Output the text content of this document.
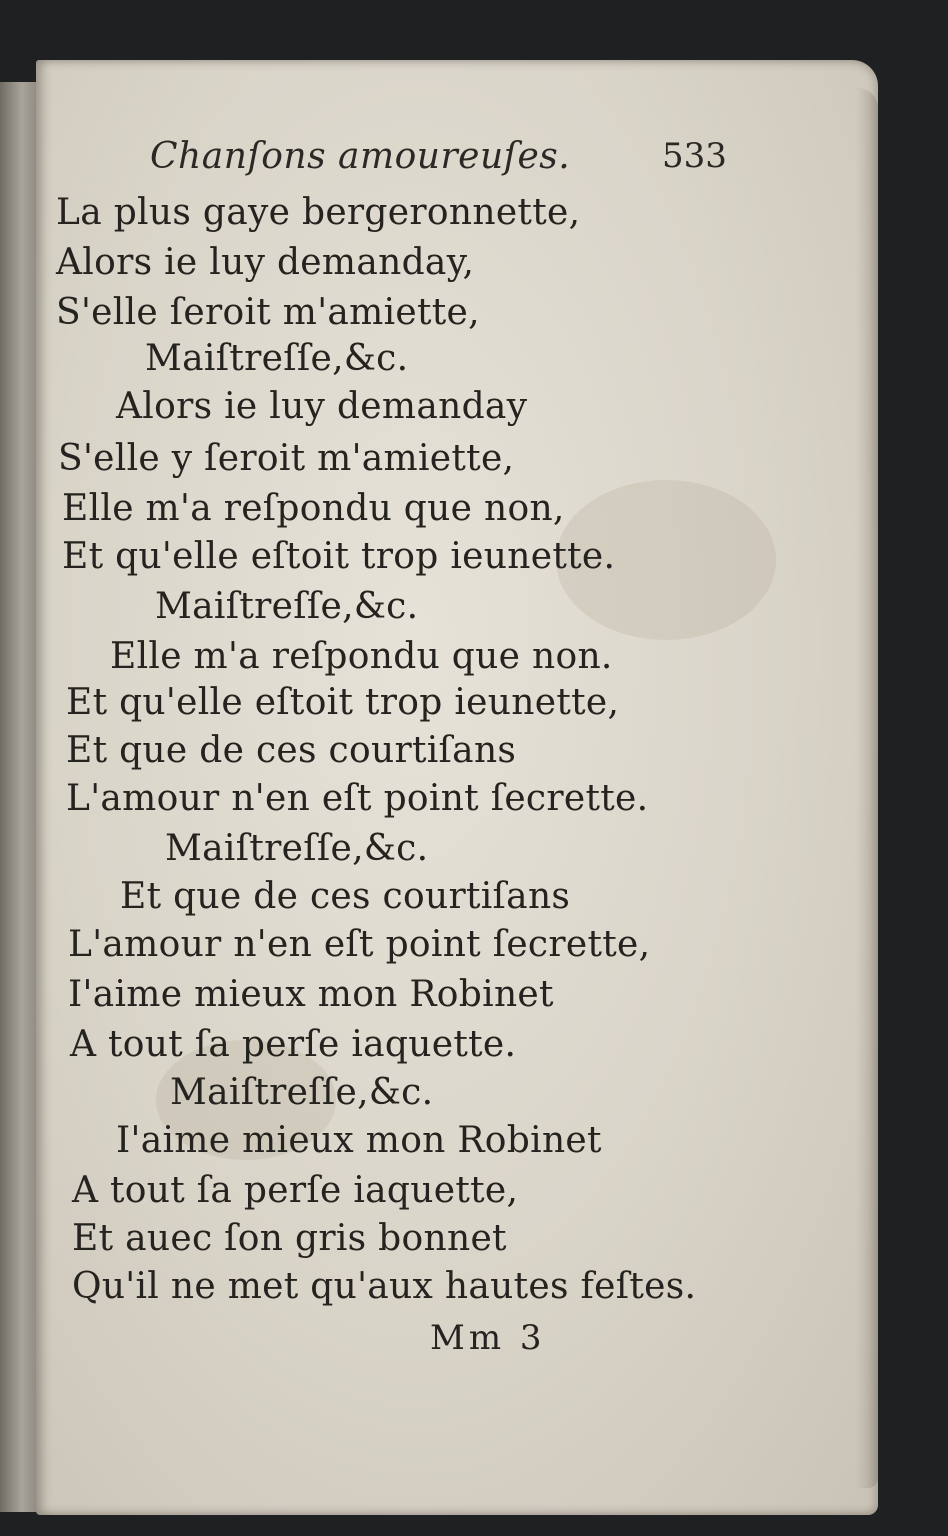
Chanſons amoureuſes.	533
La plus gaye bergeronnette,
Alors ie luy demanday,
S'elle ſeroit m'amiette,
Maiſtreſſe,&c.
Alors ie luy demanday
S'elle y ſeroit m'amiette,
Elle m'a reſpondu que non,
Et qu'elle eſtoit trop ieunette.
Maiſtreſſe,&c.
Elle m'a reſpondu que non.
Et qu'elle eſtoit trop ieunette,
Et que de ces courtiſans
L'amour n'en eſt point ſecrette.
Maiſtreſſe,&c.
Et que de ces courtiſans
L'amour n'en eſt point ſecrette,
I'aime mieux mon Robinet
A tout ſa perſe iaquette.
Maiſtreſſe,&c.
I'aime mieux mon Robinet
A tout ſa perſe iaquette,
Et auec ſon gris bonnet
Qu'il ne met qu'aux hautes feſtes.
Mm 3
